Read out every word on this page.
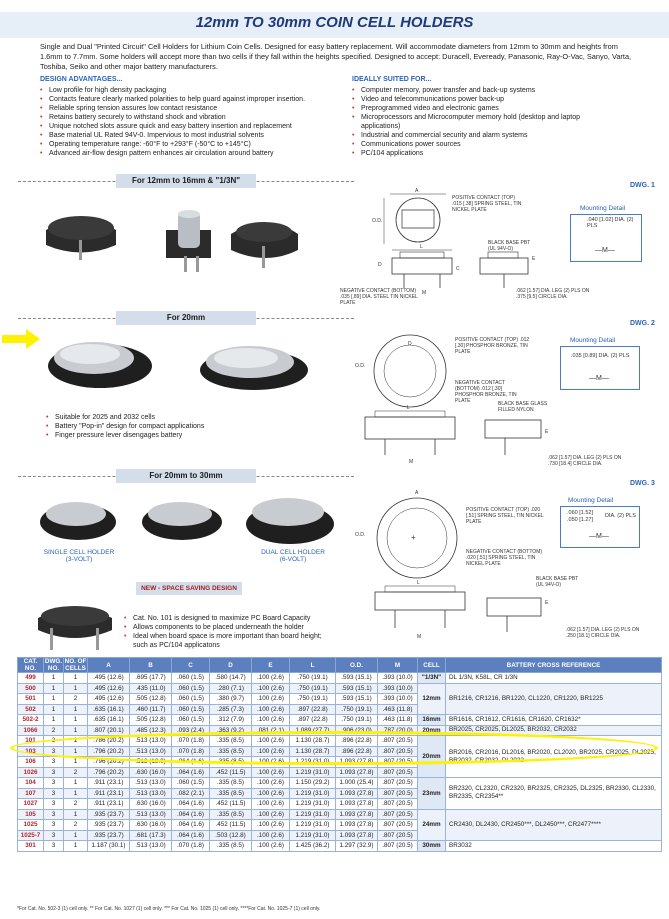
12mm TO 30mm COIN CELL HOLDERS
Single and Dual "Printed Circuit" Cell Holders for Lithium Coin Cells. Designed for easy battery replacement. Will accommodate diameters from 12mm to 30mm and heights from 1.6mm to 7.7mm. Some holders will accept more than two cells if they fall within the heights specified. Designed to accept: Duracell, Eveready, Panasonic, Ray-O-Vac, Sanyo, Varta, Toshiba, Seiko and other major battery manufacturers.
DESIGN ADVANTAGES...
• Low profile for high density packaging
• Contacts feature clearly marked polarities to help guard against improper insertion.
• Reliable spring tension assures low contact resistance
• Retains battery securely to withstand shock and vibration
• Unique notched slots assure quick and easy battery insertion and replacement
• Base material UL Rated 94V-0. Impervious to most industrial solvents
• Operating temperature range: -60°F to +293°F (-50°C to +145°C)
• Advanced air-flow design pattern enhances air circulation around battery
IDEALLY SUITED FOR...
• Computer memory, power transfer and back-up systems
• Video and telecommunications power back-up
• Preprogrammed video and electronic games
• Microprocessors and Microcomputer memory hold (desktop and laptop applications)
• Industrial and commercial security and alarm systems
• Communications power sources
• PC/104 applications
For 12mm to 16mm & "1/3N"
DWG. 1
A
O.D.
L
D
C
M
E
POSITIVE CONTACT (TOP) .015 [.38] SPRING STEEL, TIN NICKEL PLATE
BLACK BASE PBT (UL 94V-O)
NEGATIVE CONTACT (BOTTOM) .035 [.89] DIA. STEEL TIN NICKEL PLATE
.062 [1.57] DIA. LEG (2) PLS ON .375 [9.5] CIRCLE DIA.
Mounting Detail
.040 [1.02] DIA. (2) PLS
—M—
For 20mm
DWG. 2
• Suitable for 2025 and 2032 cells
• Battery "Pop-in" design for compact applications
• Finger pressure lever disengages battery
O.D.
D
L
M
E
POSITIVE CONTACT (TOP) .012 [.30] PHOSPHOR BRONZE, TIN PLATE
NEGATIVE CONTACT (BOTTOM) .012 [.30] PHOSPHOR BRONZE, TIN PLATE	BLACK BASE GLASS FILLED NYLON
.062 [1.57] DIA. LEG (2) PLS ON .730 [18.4] CIRCLE DIA.
Mounting Detail
.035 [0.89] DIA. (2) PLS
—M—
For 20mm to 30mm
DWG. 3
SINGLE CELL HOLDER
(3-VOLT)
DUAL CELL HOLDER
(6-VOLT)
NEW - SPACE SAVING DESIGN
• Cat. No. 101 is designed to maximize PC Board Capacity
• Allows components to be placed underneath the holder
• Ideal when board space is more important than board height; such as PC/104 applicatons
+
O.D.
A
L
M
E
POSITIVE CONTACT (TOP) .020 [.51] SPRING STEEL, TIN NICKEL PLATE
NEGATIVE CONTACT (BOTTOM) .020 [.51] SPRING STEEL, TIN NICKEL PLATE
BLACK BASE PBT (UL 94V-O)
.062 [1.57] DIA. LEG (2) PLS ON .250 [18.1] CIRCLE DIA.
Mounting Detail
.060 [1.52]
.050 [1.27]
DIA. (2) PLS
—M—
CAT. NO.	DWG. NO.	NO. OF CELLS	A	B	C	D	E	L	O.D.	M	CELL	BATTERY CROSS REFERENCE
499	1	1	.495 (12.6)	.695 (17.7)	.060 (1.5)	.580 (14.7)	.100 (2.6)	.750 (19.1)	.593 (15.1)	.393 (10.0)	"1/3N"	DL 1/3N, K58L, CR 1/3N
500	1	1	.495 (12.6)	.435 (11.0)	.060 (1.5)	.280 (7.1)	.100 (2.6)	.750 (19.1)	.593 (15.1)	.393 (10.0)	12mm	BR1216, CR1216, BR1220, CL1220, CR1220, BR1225
501	1	2	.495 (12.6)	.505 (12.8)	.060 (1.5)	.380 (9.7)	.100 (2.6)	.750 (19.1)	.593 (15.1)	.393 (10.0)		
502	1	1	.635 (16.1)	.460 (11.7)	.060 (1.5)	.285 (7.3)	.100 (2.6)	.897 (22.8)	.750 (19.1)	.463 (11.8)		
502-2	1	1	.635 (16.1)	.505 (12.8)	.060 (1.5)	.312 (7.9)	.100 (2.6)	.897 (22.8)	.750 (19.1)	.463 (11.8)	16mm	BR1616, CR1612, CR1616, CR1620, CR1632*
1066	2	1	.807 (20.1)	.485 (12.3)	.093 (2.4)	.363 (9.2)	.081 (2.1)	1.089 (27.7)	.906 (23.0)	.787 (20.0)	20mm	BR2025, CR2025, DL2025, BR2032, CR2032
101	3	1	.786 (20.2)	.513 (13.0)	.070 (1.8)	.335 (8.5)	.100 (2.6)	1.130 (28.7)	.896 (22.8)	.807 (20.5)	20mm	BR2016, CR2016, DL2016, BR2020, CL2020, BR2025, CR2025, DL2025, BR2032, CR2032, DL2032
103	3	1	.796 (20.2)	.513 (13.0)	.070 (1.8)	.335 (8.5)	.100 (2.6)	1.130 (28.7)	.896 (22.8)	.807 (20.5)		
106	3	1	.796 (20.2)	.513 (13.0)	.064 (1.6)	.335 (8.5)	.100 (2.6)	1.219 (31.0)	1.093 (27.8)	.807 (20.5)		
1026	3	2	.796 (20.2)	.630 (16.0)	.064 (1.6)	.452 (11.5)	.100 (2.6)	1.219 (31.0)	1.093 (27.8)	.807 (20.5)		
104	3	1	.911 (23.1)	.513 (13.0)	.060 (1.5)	.335 (8.5)	.100 (2.6)	1.150 (29.2)	1.000 (25.4)	.807 (20.5)	23mm	BR2320, CL2320, CR2320, BR2325, CR2325, DL2325, BR2330, CL2330, BR2335, CR2354**
107	3	1	.911 (23.1)	.513 (13.0)	.082 (2.1)	.335 (8.5)	.100 (2.6)	1.219 (31.0)	1.093 (27.8)	.807 (20.5)		
1027	3	2	.911 (23.1)	.630 (16.0)	.064 (1.6)	.452 (11.5)	.100 (2.6)	1.219 (31.0)	1.093 (27.8)	.807 (20.5)		
105	3	1	.935 (23.7)	.513 (13.0)	.064 (1.6)	.335 (8.5)	.100 (2.6)	1.219 (31.0)	1.093 (27.8)	.807 (20.5)	24mm	CR2430, DL2430, CR2450***, DL2450***, CR2477****
1025	3	2	.935 (23.7)	.630 (16.0)	.064 (1.6)	.452 (11.5)	.100 (2.6)	1.219 (31.0)	1.093 (27.8)	.807 (20.5)		
1025-7	3	1	.935 (23.7)	.681 (17.3)	.064 (1.6)	.503 (12.8)	.100 (2.6)	1.219 (31.0)	1.093 (27.8)	.807 (20.5)		
301	3	1	1.187 (30.1)	.513 (13.0)	.070 (1.8)	.335 (8.5)	.100 (2.6)	1.425 (36.2)	1.297 (32.9)	.807 (20.5)	30mm	BR3032
*For Cat. No. 502-3 (1) cell only. ** For Cat. No. 1027 (1) cell only. *** For Cat. No. 1025 (1) cell only. ****For Cat. No. 1025-7 (1) cell only.
